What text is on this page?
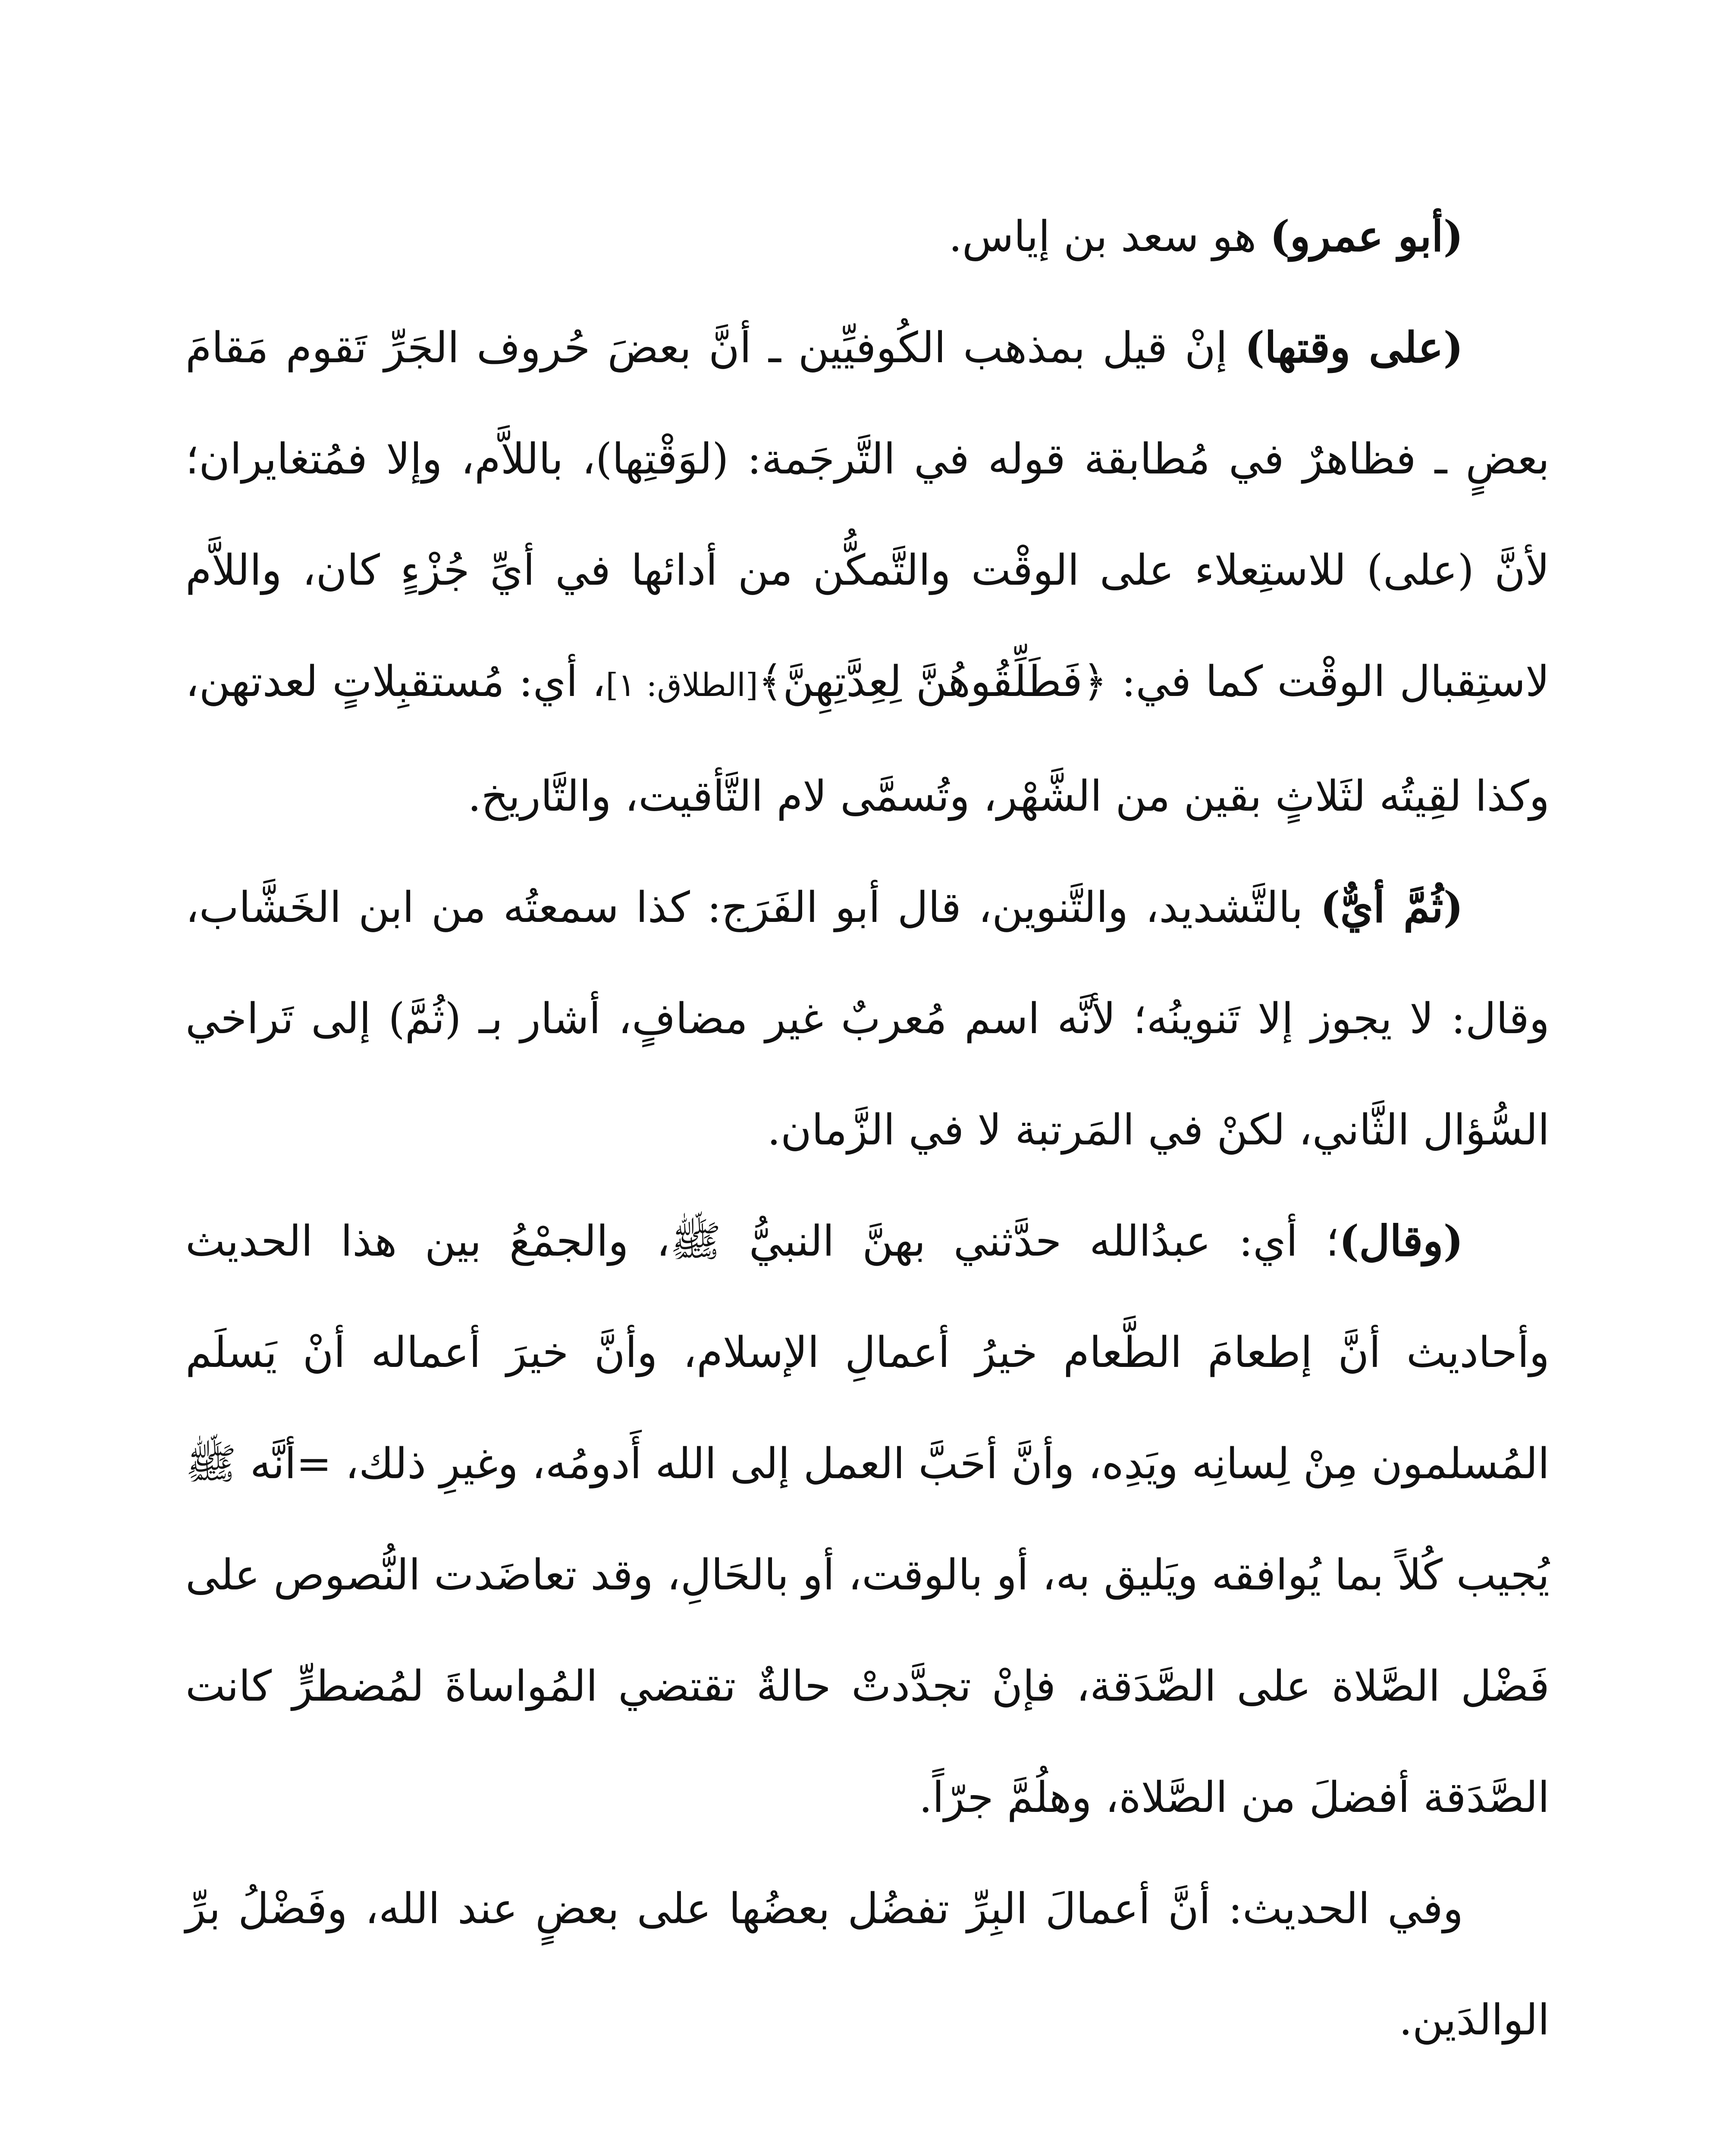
(أبو عمرو) هو سعد بن إياس.

(على وقتها) إنْ قيل بمذهب الكُوفيِّين ـ أنَّ بعضَ حُروف الجَرِّ تَقوم مَقامَ بعضٍ ـ فظاهرٌ في مُطابقة قوله في التَّرجَمة: (لوَقْتِها)، باللاَّم، وإلا فمُتغايران؛ لأنَّ (على) للاستِعلاء على الوقْت والتَّمكُّن من أدائها في أيِّ جُزْءٍ كان، واللاَّم لاستِقبال الوقْت كما في: ﴿فَطَلِّقُوهُنَّ لِعِدَّتِهِنَّ﴾[الطلاق: ١]، أي: مُستقبِلاتٍ لعدتهن، وكذا لقِيتُه لثَلاثٍ بقين من الشَّهْر، وتُسمَّى لام التَّأقيت، والتَّاريخ.

(ثُمَّ أيٌّ) بالتَّشديد، والتَّنوين، قال أبو الفَرَج: كذا سمعتُه من ابن الخَشَّاب، وقال: لا يجوز إلا تَنوينُه؛ لأنَّه اسم مُعربٌ غير مضافٍ، أشار بـ (ثُمَّ) إلى تَراخي السُّؤال الثَّاني، لكنْ في المَرتبة لا في الزَّمان.

(وقال)؛ أي: عبدُالله حدَّثني بهنَّ النبيُّ ﷺ، والجمْعُ بين هذا الحديث وأحاديث أنَّ إطعامَ الطَّعام خيرُ أعمالِ الإسلام، وأنَّ خيرَ أعماله أنْ يَسلَم المُسلمون مِنْ لِسانِه ويَدِه، وأنَّ أحَبَّ العمل إلى الله أَدومُه، وغيرِ ذلك، =أنَّه ﷺ يُجيب كُلاً بما يُوافقه ويَليق به، أو بالوقت، أو بالحَالِ، وقد تعاضَدت النُّصوص على فَضْل الصَّلاة على الصَّدَقة، فإنْ تجدَّدتْ حالةٌ تقتضي المُواساةَ لمُضطرٍّ كانت الصَّدَقة أفضلَ من الصَّلاة، وهلُمَّ جرّاً.

وفي الحديث: أنَّ أعمالَ البِرِّ تفضُل بعضُها على بعضٍ عند الله، وفَضْلُ برِّ الوالدَين.
